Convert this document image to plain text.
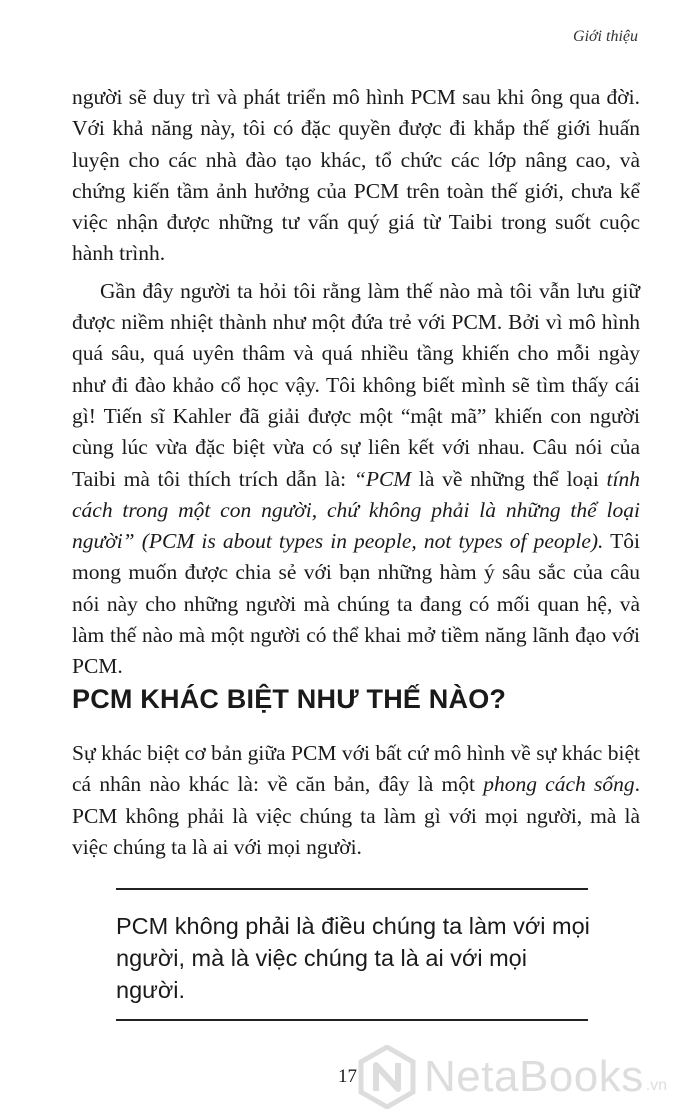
Giới thiệu

người sẽ duy trì và phát triển mô hình PCM sau khi ông qua đời. Với khả năng này, tôi có đặc quyền được đi khắp thế giới huấn luyện cho các nhà đào tạo khác, tổ chức các lớp nâng cao, và chứng kiến tầm ảnh hưởng của PCM trên toàn thế giới, chưa kể việc nhận được những tư vấn quý giá từ Taibi trong suốt cuộc hành trình.

Gần đây người ta hỏi tôi rằng làm thế nào mà tôi vẫn lưu giữ được niềm nhiệt thành như một đứa trẻ với PCM. Bởi vì mô hình quá sâu, quá uyên thâm và quá nhiều tầng khiến cho mỗi ngày như đi đào khảo cổ học vậy. Tôi không biết mình sẽ tìm thấy cái gì! Tiến sĩ Kahler đã giải được một “mật mã” khiến con người cùng lúc vừa đặc biệt vừa có sự liên kết với nhau. Câu nói của Taibi mà tôi thích trích dẫn là: “PCM là về những thể loại tính cách trong một con người, chứ không phải là những thể loại người” (PCM is about types in people, not types of people). Tôi mong muốn được chia sẻ với bạn những hàm ý sâu sắc của câu nói này cho những người mà chúng ta đang có mối quan hệ, và làm thế nào mà một người có thể khai mở tiềm năng lãnh đạo với PCM.

PCM KHÁC BIỆT NHƯ THẾ NÀO?

Sự khác biệt cơ bản giữa PCM với bất cứ mô hình về sự khác biệt cá nhân nào khác là: về căn bản, đây là một phong cách sống. PCM không phải là việc chúng ta làm gì với mọi người, mà là việc chúng ta là ai với mọi người.

PCM không phải là điều chúng ta làm với mọi người, mà là việc chúng ta là ai với mọi người.
17 NetaBooks .vn
